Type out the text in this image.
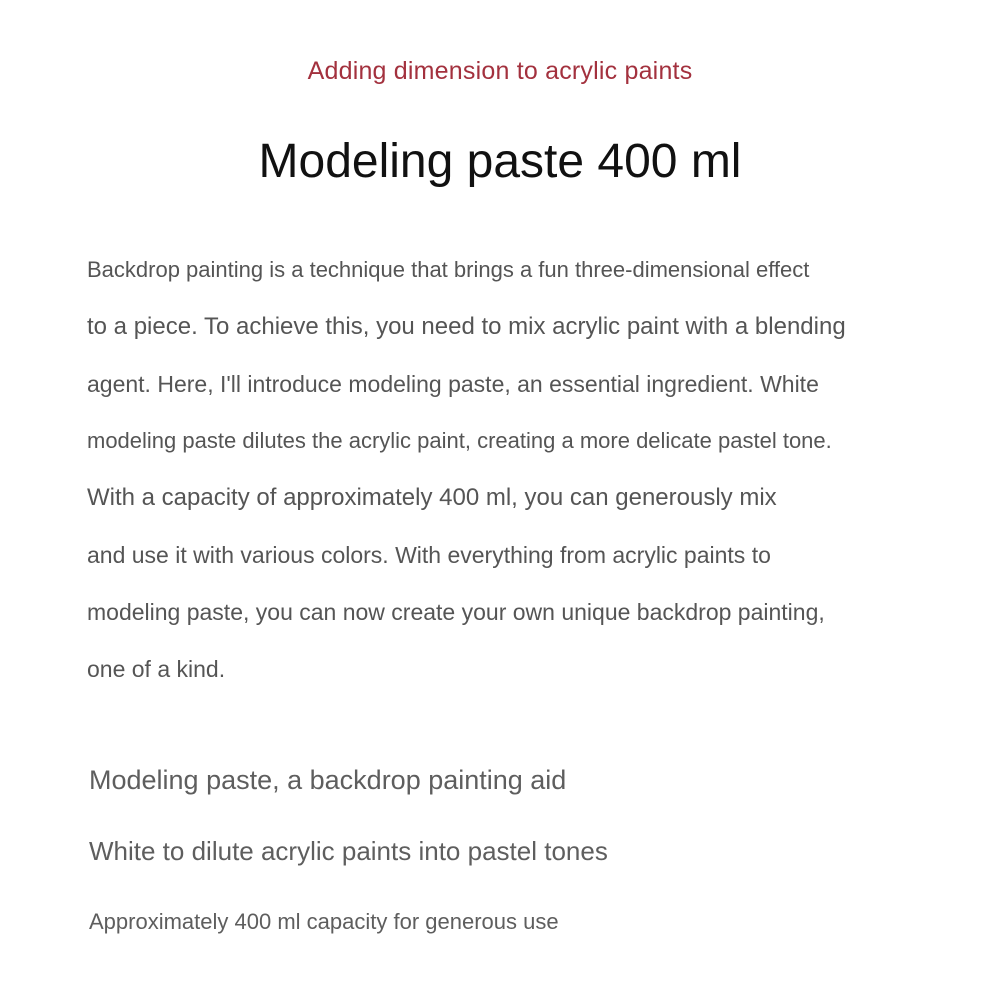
Adding dimension to acrylic paints
Modeling paste 400 ml
Backdrop painting is a technique that brings a fun three-dimensional effect
to a piece. To achieve this, you need to mix acrylic paint with a blending
agent. Here, I'll introduce modeling paste, an essential ingredient. White
modeling paste dilutes the acrylic paint, creating a more delicate pastel tone.
With a capacity of approximately 400 ml, you can generously mix
and use it with various colors. With everything from acrylic paints to
modeling paste, you can now create your own unique backdrop painting,
one of a kind.
Modeling paste, a backdrop painting aid
White to dilute acrylic paints into pastel tones
Approximately 400 ml capacity for generous use
